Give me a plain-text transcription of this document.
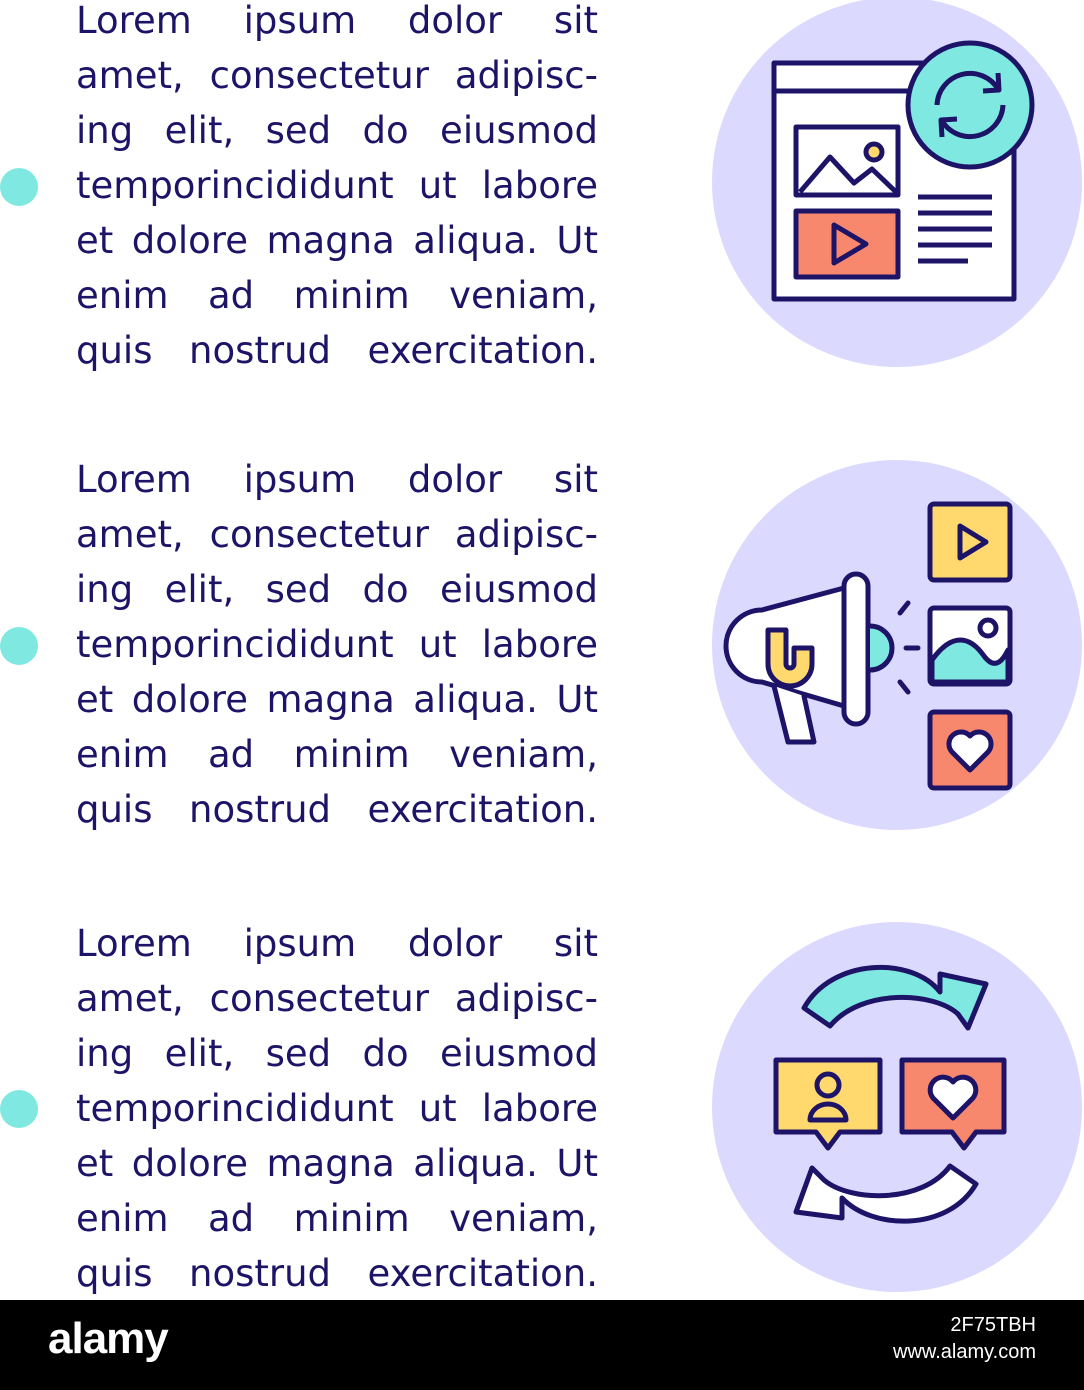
Lorem ipsum dolor sit
amet, consectetur adipisc-
ing elit, sed do eiusmod
temporincididunt ut labore
et dolore magna aliqua. Ut
enim ad minim veniam,
quis nostrud exercitation.
Lorem ipsum dolor sit
amet, consectetur adipisc-
ing elit, sed do eiusmod
temporincididunt ut labore
et dolore magna aliqua. Ut
enim ad minim veniam,
quis nostrud exercitation.
Lorem ipsum dolor sit
amet, consectetur adipisc-
ing elit, sed do eiusmod
temporincididunt ut labore
et dolore magna aliqua. Ut
enim ad minim veniam,
quis nostrud exercitation.
alamy	2F75TBH
www.alamy.com
